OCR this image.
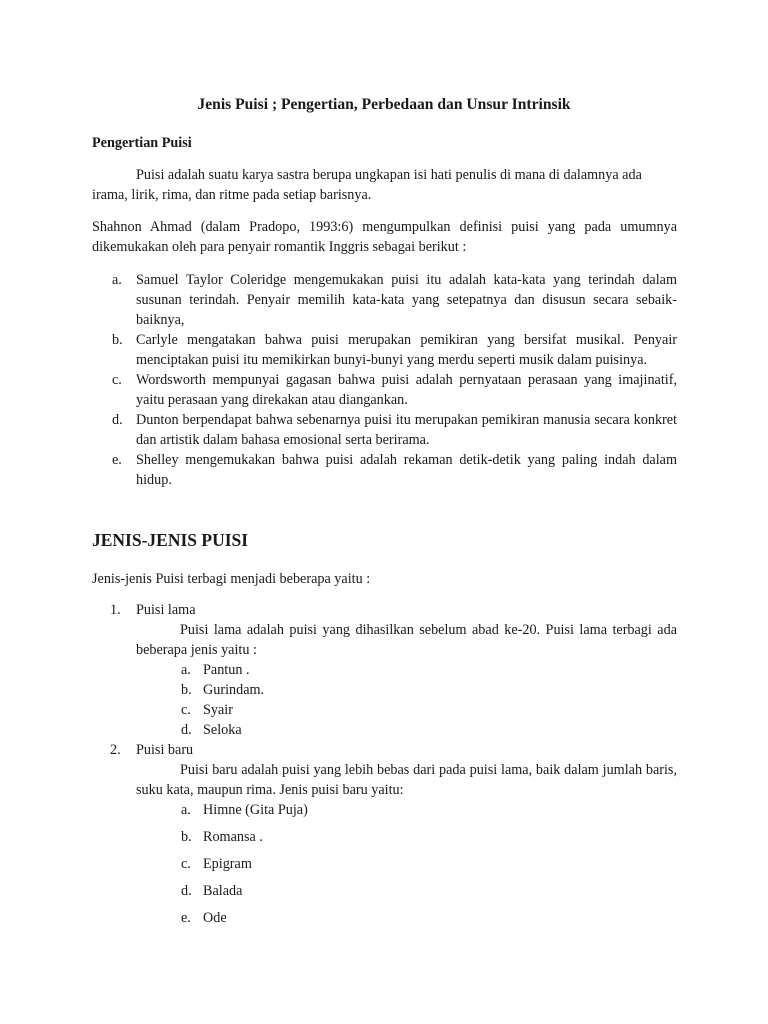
Jenis Puisi ; Pengertian, Perbedaan dan Unsur Intrinsik

Pengertian Puisi

Puisi adalah suatu karya sastra berupa ungkapan isi hati penulis di mana di dalamnya ada irama, lirik, rima, dan ritme pada setiap barisnya.

Shahnon Ahmad (dalam Pradopo, 1993:6) mengumpulkan definisi puisi yang pada umumnya dikemukakan oleh para penyair romantik Inggris sebagai berikut :

a. Samuel Taylor Coleridge mengemukakan puisi itu adalah kata-kata yang terindah dalam susunan terindah. Penyair memilih kata-kata yang setepatnya dan disusun secara sebaik-baiknya,
b. Carlyle mengatakan bahwa puisi merupakan pemikiran yang bersifat musikal. Penyair menciptakan puisi itu memikirkan bunyi-bunyi yang merdu seperti musik dalam puisinya.
c. Wordsworth mempunyai gagasan bahwa puisi adalah pernyataan perasaan yang imajinatif, yaitu perasaan yang direkakan atau diangankan.
d. Dunton berpendapat bahwa sebenarnya puisi itu merupakan pemikiran manusia secara konkret dan artistik dalam bahasa emosional serta berirama.
e. Shelley mengemukakan bahwa puisi adalah rekaman detik-detik yang paling indah dalam hidup.
JENIS-JENIS PUISI

Jenis-jenis Puisi terbagi menjadi beberapa yaitu :

1. Puisi lama
Puisi lama adalah puisi yang dihasilkan sebelum abad ke-20. Puisi lama terbagi ada beberapa jenis yaitu :
a. Pantun .
b. Gurindam.
c. Syair
d. Seloka
2. Puisi baru
Puisi baru adalah puisi yang lebih bebas dari pada puisi lama, baik dalam jumlah baris, suku kata, maupun rima. Jenis puisi baru yaitu:
a. Himne (Gita Puja)
b. Romansa .
c. Epigram
d. Balada
e. Ode
